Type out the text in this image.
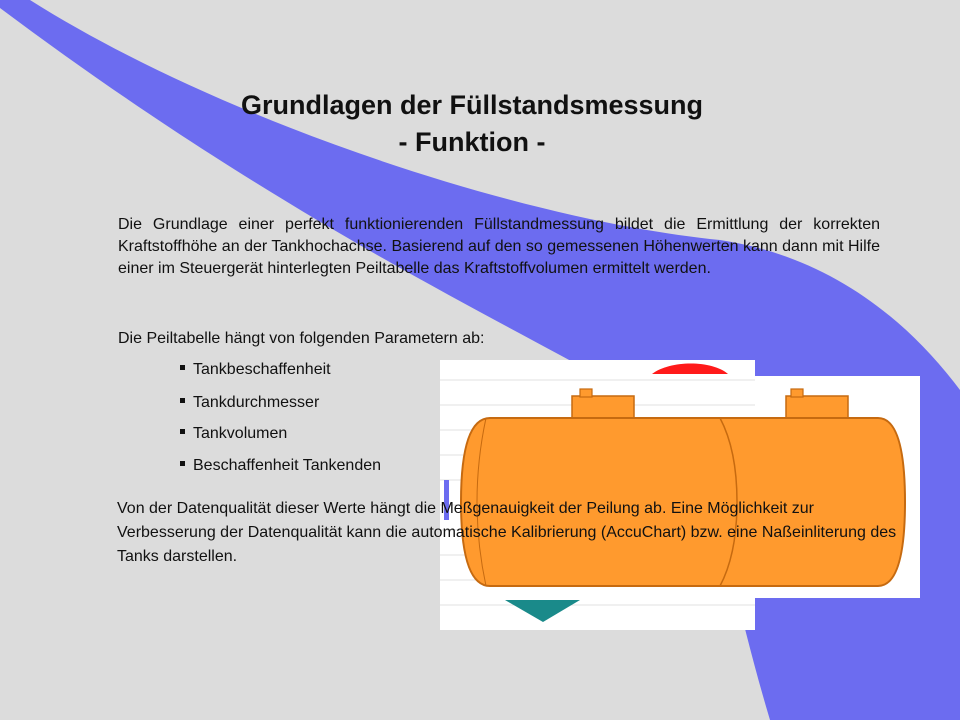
Grundlagen der Füllstandsmessung
- Funktion -
Die Grundlage einer perfekt funktionierenden Füllstandmessung bildet die Ermittlung der korrekten Kraftstoffhöhe an der Tankhochachse. Basierend auf den so gemessenen Höhenwerten kann dann mit Hilfe einer im Steuergerät hinterlegten Peiltabelle das Kraftstoffvolumen ermittelt werden.
Die Peiltabelle hängt von folgenden Parametern ab:
Tankbeschaffenheit
Tankdurchmesser
Tankvolumen
Beschaffenheit Tankenden
Von der Datenqualität dieser Werte hängt die Meßgenauigkeit der Peilung ab. Eine Möglichkeit zur Verbesserung der Datenqualität kann die automatische Kalibrierung (AccuChart) bzw. eine Naßeinliterung des Tanks darstellen.
